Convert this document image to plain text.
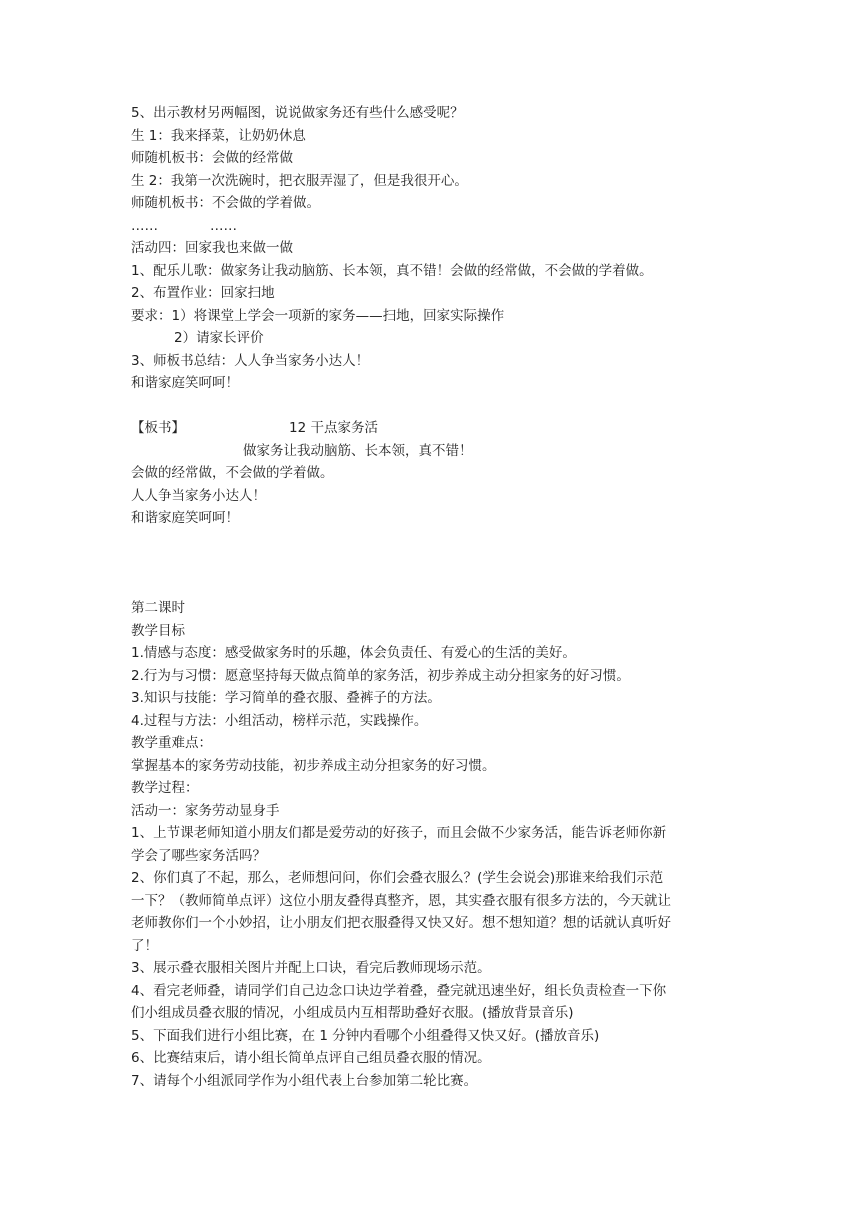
5、出示教材另两幅图，说说做家务还有些什么感受呢？
生 1：我来择菜，让奶奶休息
师随机板书：会做的经常做
生 2：我第一次洗碗时，把衣服弄湿了，但是我很开心。
师随机板书：不会做的学着做。
……	……
活动四：回家我也来做一做
1、配乐儿歌：做家务让我动脑筋、长本领，真不错！会做的经常做，不会做的学着做。
2、布置作业：回家扫地
要求：1）将课堂上学会一项新的家务——扫地，回家实际操作
2）请家长评价
3、师板书总结：人人争当家务小达人！
和谐家庭笑呵呵！
【板书】	12 干点家务活
做家务让我动脑筋、长本领，真不错！
会做的经常做，不会做的学着做。
人人争当家务小达人！
和谐家庭笑呵呵！
第二课时
教学目标
1.情感与态度：感受做家务时的乐趣，体会负责任、有爱心的生活的美好。
2.行为与习惯：愿意坚持每天做点简单的家务活，初步养成主动分担家务的好习惯。
3.知识与技能：学习简单的叠衣服、叠裤子的方法。
4.过程与方法：小组活动，榜样示范，实践操作。
教学重难点：
掌握基本的家务劳动技能，初步养成主动分担家务的好习惯。
教学过程：
活动一：家务劳动显身手
1、上节课老师知道小朋友们都是爱劳动的好孩子，而且会做不少家务活，能告诉老师你新
学会了哪些家务活吗？
2、你们真了不起，那么，老师想问问，你们会叠衣服么？(学生会说会)那谁来给我们示范
一下？（教师简单点评）这位小朋友叠得真整齐，恩，其实叠衣服有很多方法的，今天就让
老师教你们一个小妙招，让小朋友们把衣服叠得又快又好。想不想知道？想的话就认真听好
了！
3、展示叠衣服相关图片并配上口诀，看完后教师现场示范。
4、看完老师叠，请同学们自己边念口诀边学着叠，叠完就迅速坐好，组长负责检查一下你
们小组成员叠衣服的情况，小组成员内互相帮助叠好衣服。(播放背景音乐)
5、下面我们进行小组比赛，在 1 分钟内看哪个小组叠得又快又好。(播放音乐)
6、比赛结束后，请小组长简单点评自己组员叠衣服的情况。
7、请每个小组派同学作为小组代表上台参加第二轮比赛。
